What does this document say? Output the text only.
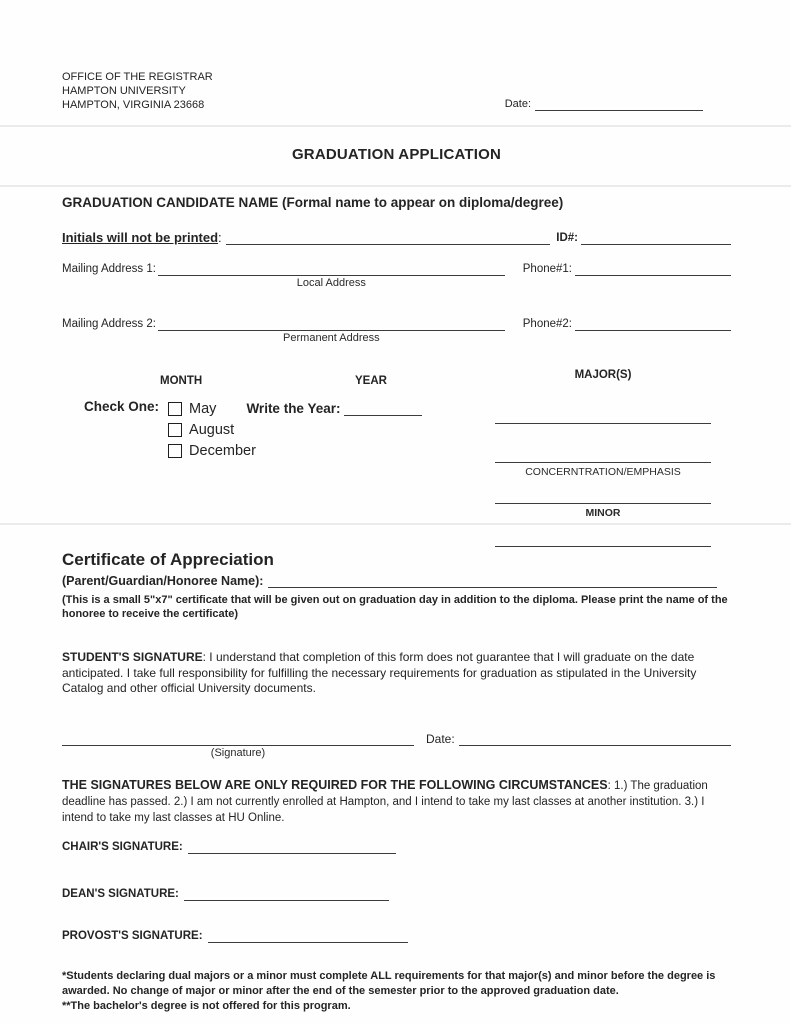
OFFICE OF THE REGISTRAR
HAMPTON UNIVERSITY
HAMPTON, VIRGINIA 23668	Date:
GRADUATION APPLICATION
GRADUATION CANDIDATE NAME (Formal name to appear on diploma/degree)
Initials will not be printed:	ID#:
Mailing Address 1:
Local Address
Phone#1:
Mailing Address 2:
Permanent Address
Phone#2:
MONTH	YEAR	MAJOR(S)
CONCERNTRATION/EMPHASIS
MINOR
Check One: May Write the Year:
August
December
Certificate of Appreciation
(Parent/Guardian/Honoree Name):
(This is a small 5"x7" certificate that will be given out on graduation day in addition to the diploma. Please print the name of the honoree to receive the certificate)
STUDENT'S SIGNATURE: I understand that completion of this form does not guarantee that I will graduate on the date anticipated. I take full responsibility for fulfilling the necessary requirements for graduation as stipulated in the University Catalog and other official University documents.
(Signature)
Date:
THE SIGNATURES BELOW ARE ONLY REQUIRED FOR THE FOLLOWING CIRCUMSTANCES: 1.) The graduation deadline has passed. 2.) I am not currently enrolled at Hampton, and I intend to take my last classes at another institution. 3.) I intend to take my last classes at HU Online.
CHAIR'S SIGNATURE:
DEAN'S SIGNATURE:
PROVOST'S SIGNATURE:
*Students declaring dual majors or a minor must complete ALL requirements for that major(s) and minor before the degree is awarded. No change of major or minor after the end of the semester prior to the approved graduation date.
**The bachelor's degree is not offered for this program.
